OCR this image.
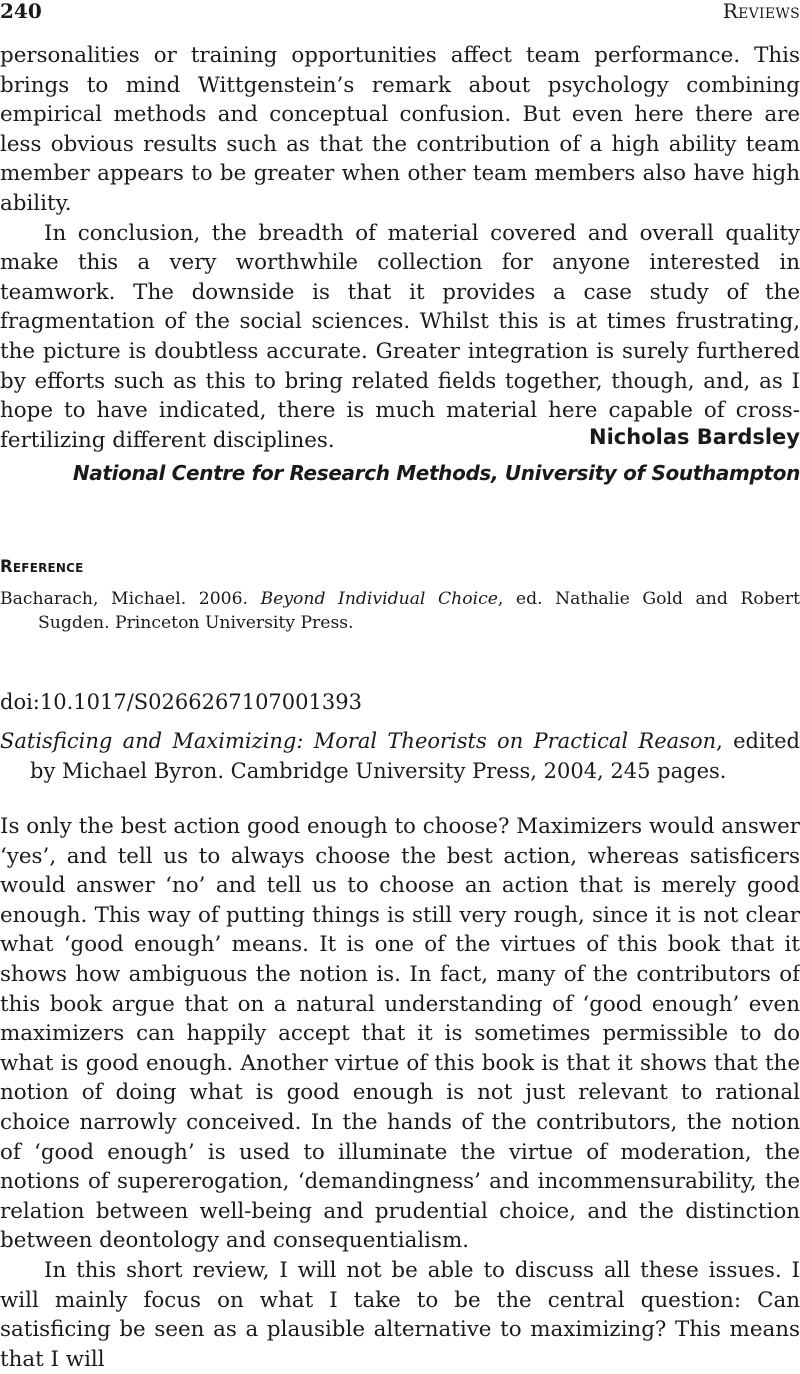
240	Reviews

personalities or training opportunities affect team performance. This brings to mind Wittgenstein’s remark about psychology combining empirical methods and conceptual confusion. But even here there are less obvious results such as that the contribution of a high ability team member appears to be greater when other team members also have high ability.

In conclusion, the breadth of material covered and overall quality make this a very worthwhile collection for anyone interested in teamwork. The downside is that it provides a case study of the fragmentation of the social sciences. Whilst this is at times frustrating, the picture is doubtless accurate. Greater integration is surely furthered by efforts such as this to bring related fields together, though, and, as I hope to have indicated, there is much material here capable of cross-fertilizing different disciplines.	Nicholas Bardsley
National Centre for Research Methods, University of Southampton
Reference
Bacharach, Michael. 2006. Beyond Individual Choice, ed. Nathalie Gold and Robert Sugden. Princeton University Press.
doi:10.1017/S0266267107001393
Satisficing and Maximizing: Moral Theorists on Practical Reason, edited by Michael Byron. Cambridge University Press, 2004, 245 pages.

Is only the best action good enough to choose? Maximizers would answer ‘yes’, and tell us to always choose the best action, whereas satisficers would answer ‘no’ and tell us to choose an action that is merely good enough. This way of putting things is still very rough, since it is not clear what ‘good enough’ means. It is one of the virtues of this book that it shows how ambiguous the notion is. In fact, many of the contributors of this book argue that on a natural understanding of ‘good enough’ even maximizers can happily accept that it is sometimes permissible to do what is good enough. Another virtue of this book is that it shows that the notion of doing what is good enough is not just relevant to rational choice narrowly conceived. In the hands of the contributors, the notion of ‘good enough’ is used to illuminate the virtue of moderation, the notions of supererogation, ‘demandingness’ and incommensurability, the relation between well-being and prudential choice, and the distinction between deontology and consequentialism.

In this short review, I will not be able to discuss all these issues. I will mainly focus on what I take to be the central question: Can satisficing be seen as a plausible alternative to maximizing? This means that I will
